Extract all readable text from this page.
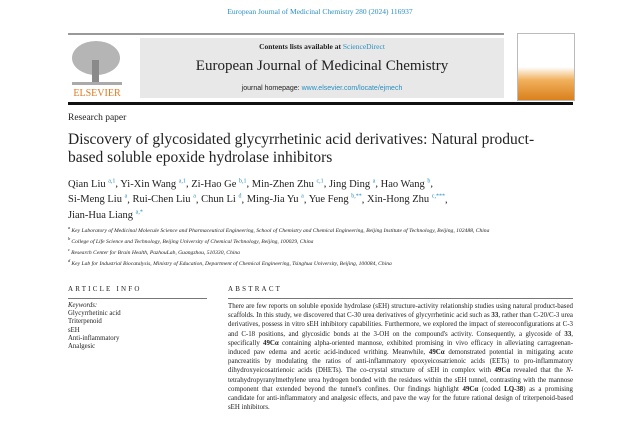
European Journal of Medicinal Chemistry 280 (2024) 116937
ELSEVIER
Contents lists available at ScienceDirect
European Journal of Medicinal Chemistry
journal homepage: www.elsevier.com/locate/ejmech
Research paper
Discovery of glycosidated glycyrrhetinic acid derivatives: Natural product-based soluble epoxide hydrolase inhibitors
Qian Liu $^{a,1}$, Yi-Xin Wang $^{a,1}$, Zi-Hao Ge $^{b,1}$, Min-Zhen Zhu $^{c,1}$, Jing Ding $^a$, Hao Wang $^b$,
Si-Meng Liu $^a$, Rui-Chen Liu $^a$, Chun Li $^d$, Ming-Jia Yu $^a$, Yue Feng $^{b,**}$, Xin-Hong Zhu $^{c,***}$,
Jian-Hua Liang $^{a,*}$
$^a$ Key Laboratory of Medicinal Molecule Science and Pharmaceutical Engineering, School of Chemistry and Chemical Engineering, Beijing Institute of Technology, Beijing, 102488, China
$^b$ College of Life Science and Technology, Beijing University of Chemical Technology, Beijing, 100029, China
$^c$ Research Center for Brain Health, PazhouLab, Guangzhou, 510330, China
$^d$ Key Lab for Industrial Biocatalysis, Ministry of Education, Department of Chemical Engineering, Tsinghua University, Beijing, 100084, China
ARTICLE INFO	ABSTRACT
Keywords:
Glycyrrhetinic acid
Triterpenoid
sEH
Anti-inflammatory
Analgesic
There are few reports on soluble epoxide hydrolase (sEH) structure-activity relationship studies using natural product-based scaffolds. In this study, we discovered that C-30 urea derivatives of glycyrrhetinic acid such as 33, rather than C-20/C-3 urea derivatives, possess in vitro sEH inhibitory capabilities. Furthermore, we explored the impact of stereoconfigurations at C-3 and C-18 positions, and glycosidic bonds at the 3-OH on the compound's activity. Consequently, a glycoside of 33, specifically 49Cα containing alpha-oriented mannose, exhibited promising in vivo efficacy in alleviating carrageenan-induced paw edema and acetic acid-induced writhing. Meanwhile, 49Cα demonstrated potential in mitigating acute pancreatitis by modulating the ratios of anti-inflammatory epoxyeicosatrienoic acids (EETs) to pro-inflammatory dihydroxyeicosatrienoic acids (DHETs). The co-crystal structure of sEH in complex with 49Cα revealed that the N-tetrahydropyranylmethylene urea hydrogen bonded with the residues within the sEH tunnel, contrasting with the mannose component that extended beyond the tunnel's confines. Our findings highlight 49Cα (coded LQ-38) as a promising candidate for anti-inflammatory and analgesic effects, and pave the way for the future rational design of triterpenoid-based sEH inhibitors.
